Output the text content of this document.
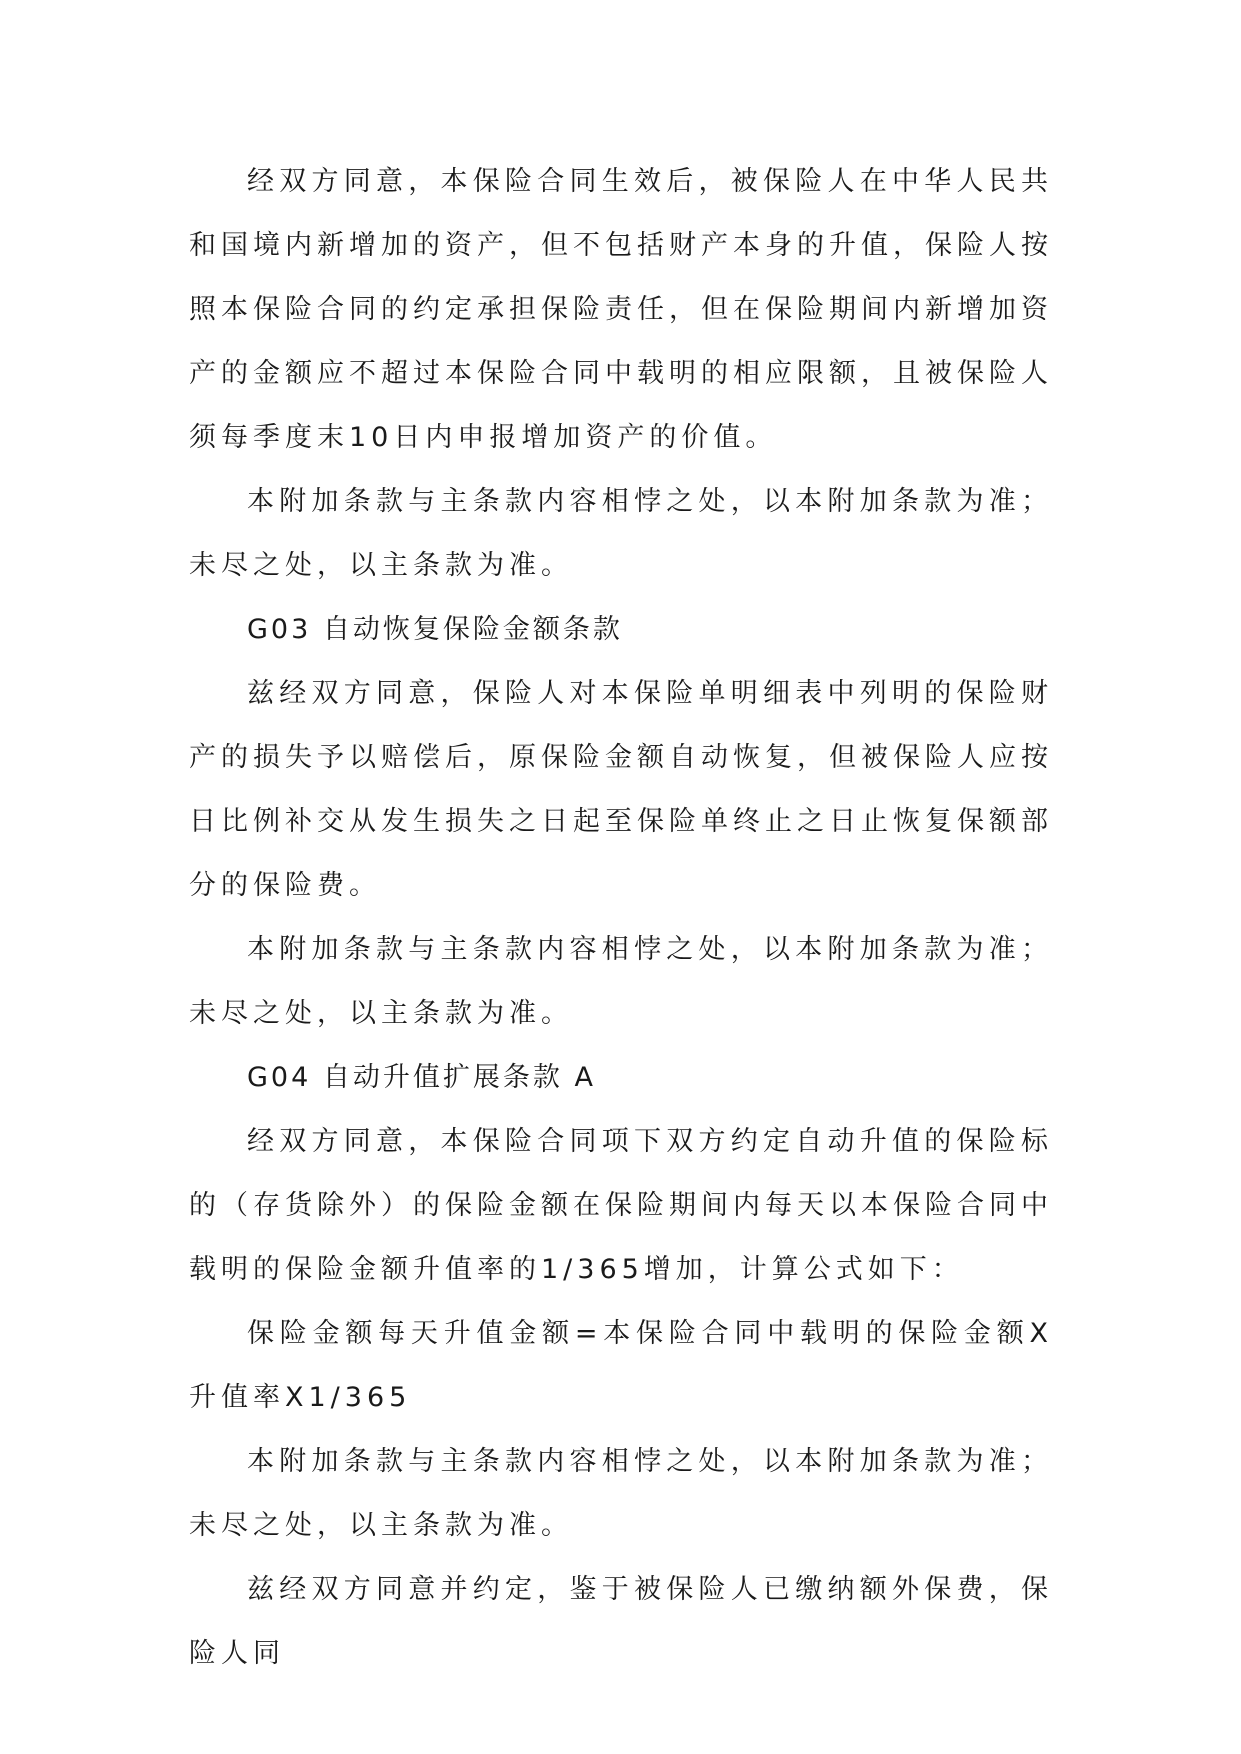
经双方同意，本保险合同生效后，被保险人在中华人民共和国境内新增加的资产，但不包括财产本身的升值，保险人按照本保险合同的约定承担保险责任，但在保险期间内新增加资产的金额应不超过本保险合同中载明的相应限额，且被保险人须每季度末10日内申报增加资产的价值。

本附加条款与主条款内容相悖之处，以本附加条款为准；未尽之处，以主条款为准。

G03 自动恢复保险金额条款

兹经双方同意，保险人对本保险单明细表中列明的保险财产的损失予以赔偿后，原保险金额自动恢复，但被保险人应按日比例补交从发生损失之日起至保险单终止之日止恢复保额部分的保险费。

本附加条款与主条款内容相悖之处，以本附加条款为准；未尽之处，以主条款为准。

G04 自动升值扩展条款 A

经双方同意，本保险合同项下双方约定自动升值的保险标的（存货除外）的保险金额在保险期间内每天以本保险合同中载明的保险金额升值率的1/365增加，计算公式如下：

保险金额每天升值金额=本保险合同中载明的保险金额X升值率X1/365

本附加条款与主条款内容相悖之处，以本附加条款为准；未尽之处，以主条款为准。

兹经双方同意并约定，鉴于被保险人已缴纳额外保费，保险人同
